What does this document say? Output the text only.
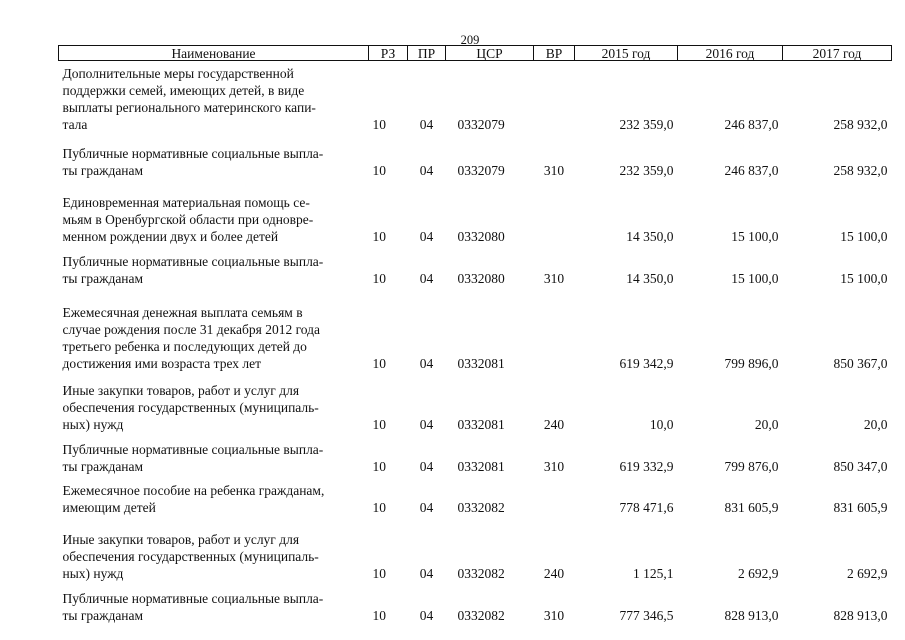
209
Наименование	РЗ	ПР	ЦСР	ВР	2015 год	2016 год	2017 год

Дополнительные меры государственной
поддержки семей, имеющих детей, в виде
выплаты регионального материнского капи-
тала	10	04	0332079		232 359,0	246 837,0	258 932,0

Публичные нормативные социальные выпла-
ты гражданам	10	04	0332079	310	232 359,0	246 837,0	258 932,0

Единовременная материальная помощь се-
мьям в Оренбургской области при одновре-
менном рождении двух и более детей	10	04	0332080		14 350,0	15 100,0	15 100,0

Публичные нормативные социальные выпла-
ты гражданам	10	04	0332080	310	14 350,0	15 100,0	15 100,0

Ежемесячная денежная выплата семьям в
случае рождения после 31 декабря 2012 года
третьего ребенка и последующих детей до
достижения ими возраста трех лет	10	04	0332081		619 342,9	799 896,0	850 367,0

Иные закупки товаров, работ и услуг для
обеспечения государственных (муниципаль-
ных) нужд	10	04	0332081	240	10,0	20,0	20,0

Публичные нормативные социальные выпла-
ты гражданам	10	04	0332081	310	619 332,9	799 876,0	850 347,0

Ежемесячное пособие на ребенка гражданам,
имеющим детей	10	04	0332082		778 471,6	831 605,9	831 605,9

Иные закупки товаров, работ и услуг для
обеспечения государственных (муниципаль-
ных) нужд	10	04	0332082	240	1 125,1	2 692,9	2 692,9

Публичные нормативные социальные выпла-
ты гражданам	10	04	0332082	310	777 346,5	828 913,0	828 913,0
